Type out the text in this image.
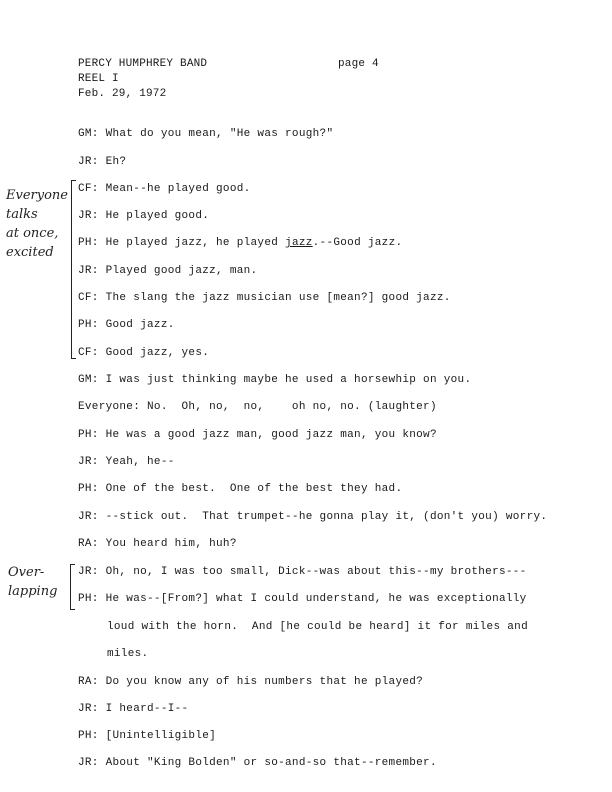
PERCY HUMPHREY BAND	page 4
REEL I
Feb. 29, 1972
GM: What do you mean, "He was rough?"
JR: Eh?
CF: Mean--he played good.
JR: He played good.
PH: He played jazz, he played jazz.--Good jazz.
JR: Played good jazz, man.
CF: The slang the jazz musician use [mean?] good jazz.
PH: Good jazz.
CF: Good jazz, yes.
GM: I was just thinking maybe he used a horsewhip on you.
Everyone: No.  Oh, no,  no,    oh no, no. (laughter)
PH: He was a good jazz man, good jazz man, you know?
JR: Yeah, he--
PH: One of the best.  One of the best they had.
JR: --stick out.  That trumpet--he gonna play it, (don't you) worry.
RA: You heard him, huh?
JR: Oh, no, I was too small, Dick--was about this--my brothers---
PH: He was--[From?] what I could understand, he was exceptionally
loud with the horn.  And [he could be heard] it for miles and
miles.
RA: Do you know any of his numbers that he played?
JR: I heard--I--
PH: [Unintelligible]
JR: About "King Bolden" or so-and-so that--remember.
Everyone
talks
at once,
excited
Over-
lapping
